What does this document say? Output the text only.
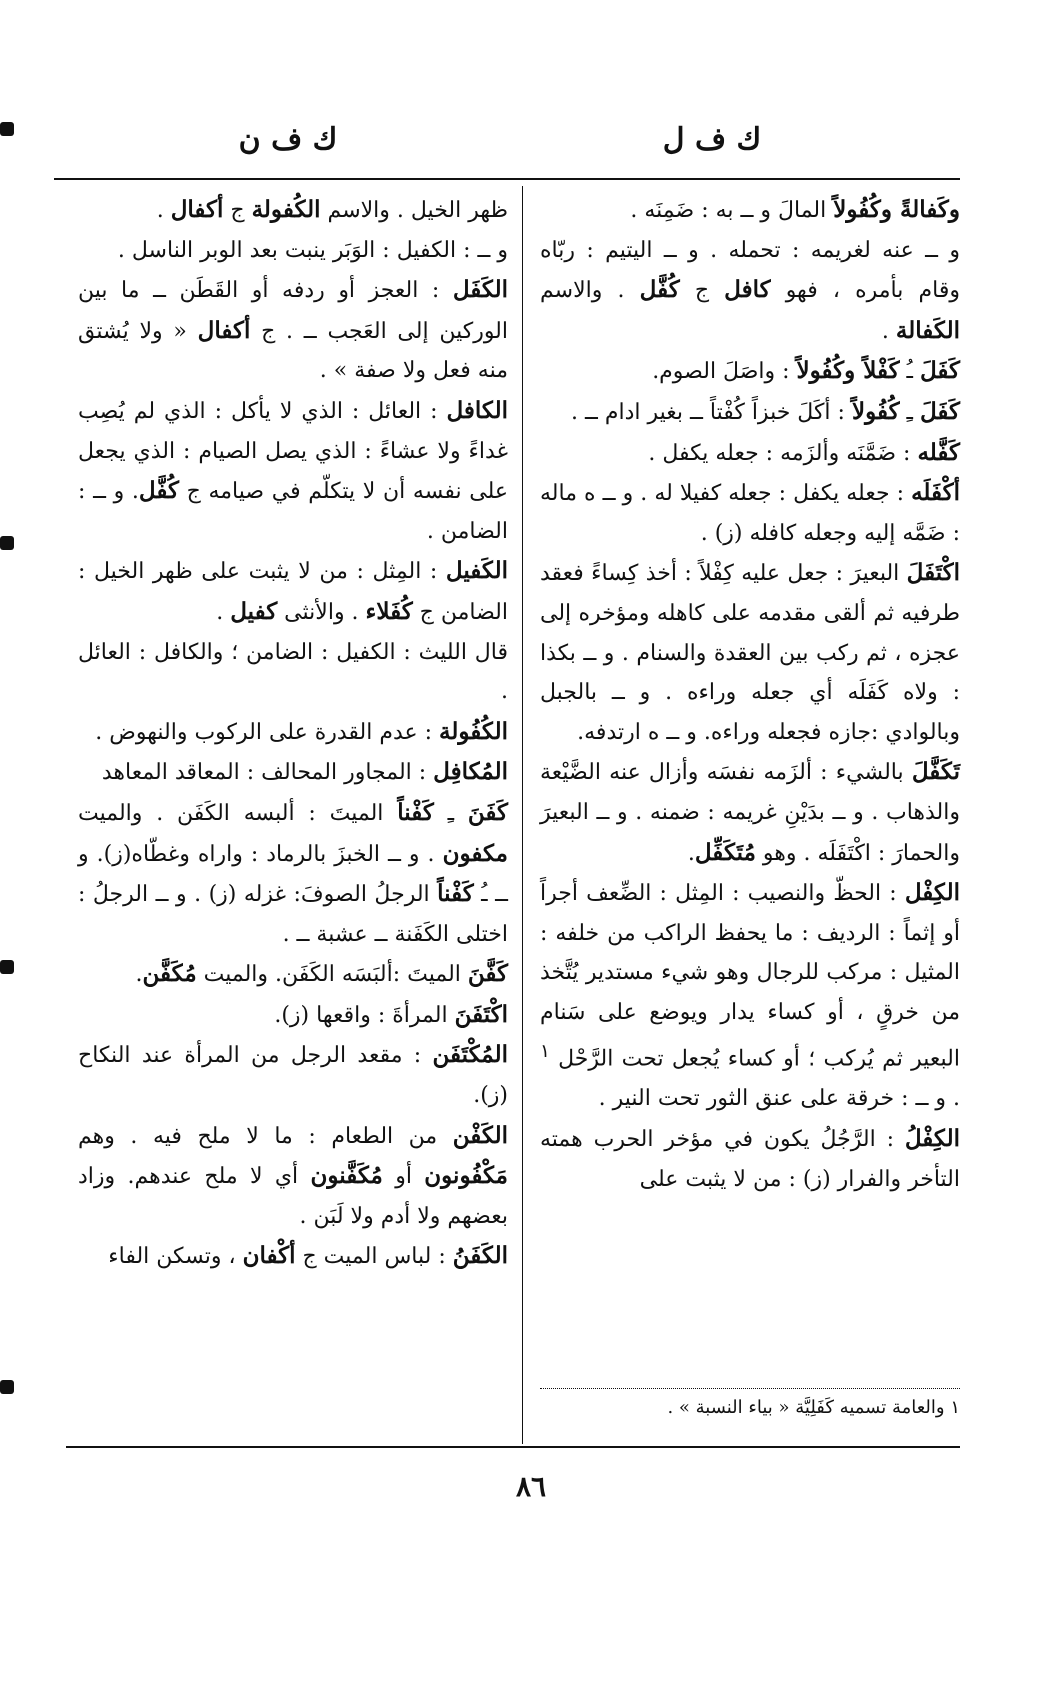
ك ف ل
ك ف ن

وكَفالةً وكُفُولاً المالَ و ــ به : ضَمِنَه .

و ــ عنه لغريمه : تحمله . و ــ اليتيم : ربّاه وقام بأمره ، فهو كافل ج كُفَّل . والاسم الكَفالة .

كَفَلَ ـُ كَفْلاً وكُفُولاً : واصَلَ الصوم.

كَفَلَ ـِ كُفُولاً : أكَلَ خبزاً كُفْتاً ــ بغير ادام ــ .

كَفَّله : ضَمَّنَه وألزَمه : جعله يكفل .

أكْفَلَه : جعله يكفل : جعله كفيلا له . و ــ ه ماله : ضَمَّه إليه وجعله كافله (ز) .

اكْتَفَلَ البعيرَ : جعل عليه كِفْلاً : أخذ كِساءً فعقد طرفيه ثم ألقى مقدمه على كاهله ومؤخره إلى عجزه ، ثم ركب بين العقدة والسنام . و ــ بكذا : ولاه كَفَلَه أي جعله وراءه . و ــ بالجبل وبالوادي :جازه فجعله وراءه. و ــ ه ارتدفه.

تَكَفَّلَ بالشيء : ألزَمه نفسَه وأزال عنه الضَّيْعة والذهاب . و ــ بدَيْنِ غريمه : ضمنه . و ــ البعيرَ والحمارَ : اكْتَفَلَه . وهو مُتَكَفِّل.

الكِفْل : الحظّ والنصيب : المِثل : الضِّعف أجراً أو إثماً : الرديف : ما يحفظ الراكب من خلفه : المثيل : مركب للرجال وهو شيء مستدير يُتَّخذ من خرقٍ ، أو كساء يدار ويوضع على سَنام البعير ثم يُركب ؛ أو كساء يُجعل تحت الرَّحْل $^١$ . و ــ : خرقة على عنق الثور تحت النير .

الكِفْلُ : الرَّجُلُ يكون في مؤخر الحرب همته التأخر والفرار (ز) : من لا يثبت على

ظهر الخيل . والاسم الكُفولة ج أكفال .

و ــ : الكفيل : الوَبَر ينبت بعد الوبر الناسل .

الكَفَل : العجز أو ردفه أو القَطَن ــ ما بين الوركين إلى العَجب ــ . ج أكفال « ولا يُشتق منه فعل ولا صفة » .

الكافل : العائل : الذي لا يأكل : الذي لم يُصِب غداءً ولا عشاءً : الذي يصل الصيام : الذي يجعل على نفسه أن لا يتكلّم في صيامه ج كُفَّل. و ــ : الضامن .

الكَفيل : المِثل : من لا يثبت على ظهر الخيل : الضامن ج كُفَلاء . والأنثى كفيل .

قال الليث : الكفيل : الضامن ؛ والكافل : العائل .

الكُفُولة : عدم القدرة على الركوب والنهوض .

المُكافِل : المجاور المحالف : المعاقد المعاهد

كَفَنَ ـِ كَفْناً الميتَ : ألبسه الكَفَن . والميت مكفون . و ــ الخبزَ بالرماد : واراه وغطّاه(ز). و ــ ـُ كَفْناً الرجلُ الصوفَ: غزله (ز) . و ــ الرجلُ : اختلى الكَفَنة ــ عشبة ــ .

كَفَّنَ الميتَ :ألبَسَه الكَفَن. والميت مُكَفَّن.

اكْتَفَنَ المرأةَ : واقعها (ز).

المُكْتَفَن : مقعد الرجل من المرأة عند النكاح (ز).

الكَفْن من الطعام : ما لا ملح فيه . وهم مَكْفُونون أو مُكَفَّنون أي لا ملح عندهم. وزاد بعضهم ولا أدم ولا لَبَن .

الكَفَنُ : لباس الميت ج أكْفان ، وتسكن الفاء

١ والعامة تسميه كَفَلِيَّة « بياء النسبة » .
٨٦
